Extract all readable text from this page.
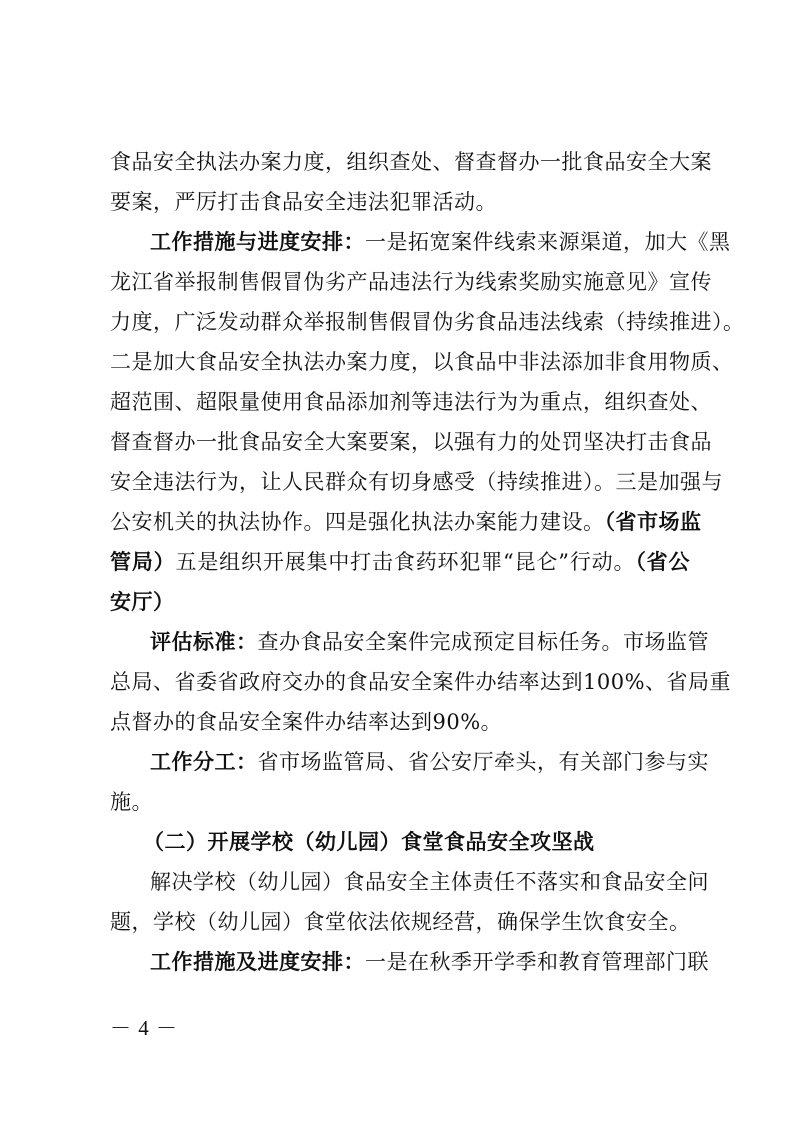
食品安全执法办案力度，组织查处、督查督办一批食品安全大案
要案，严厉打击食品安全违法犯罪活动。
工作措施与进度安排：一是拓宽案件线索来源渠道，加大《黑
龙江省举报制售假冒伪劣产品违法行为线索奖励实施意见》宣传
力度，广泛发动群众举报制售假冒伪劣食品违法线索（持续推进）。
二是加大食品安全执法办案力度，以食品中非法添加非食用物质、
超范围、超限量使用食品添加剂等违法行为为重点，组织查处、
督查督办一批食品安全大案要案，以强有力的处罚坚决打击食品
安全违法行为，让人民群众有切身感受（持续推进）。三是加强与
公安机关的执法协作。四是强化执法办案能力建设。（省市场监
管局）五是组织开展集中打击食药环犯罪“昆仑”行动。（省公
安厅）
评估标准：查办食品安全案件完成预定目标任务。市场监管
总局、省委省政府交办的食品安全案件办结率达到100%、省局重
点督办的食品安全案件办结率达到90%。
工作分工：省市场监管局、省公安厅牵头，有关部门参与实
施。
（二）开展学校（幼儿园）食堂食品安全攻坚战
解决学校（幼儿园）食品安全主体责任不落实和食品安全问
题，学校（幼儿园）食堂依法依规经营，确保学生饮食安全。
工作措施及进度安排：一是在秋季开学季和教育管理部门联
－ 4 －
